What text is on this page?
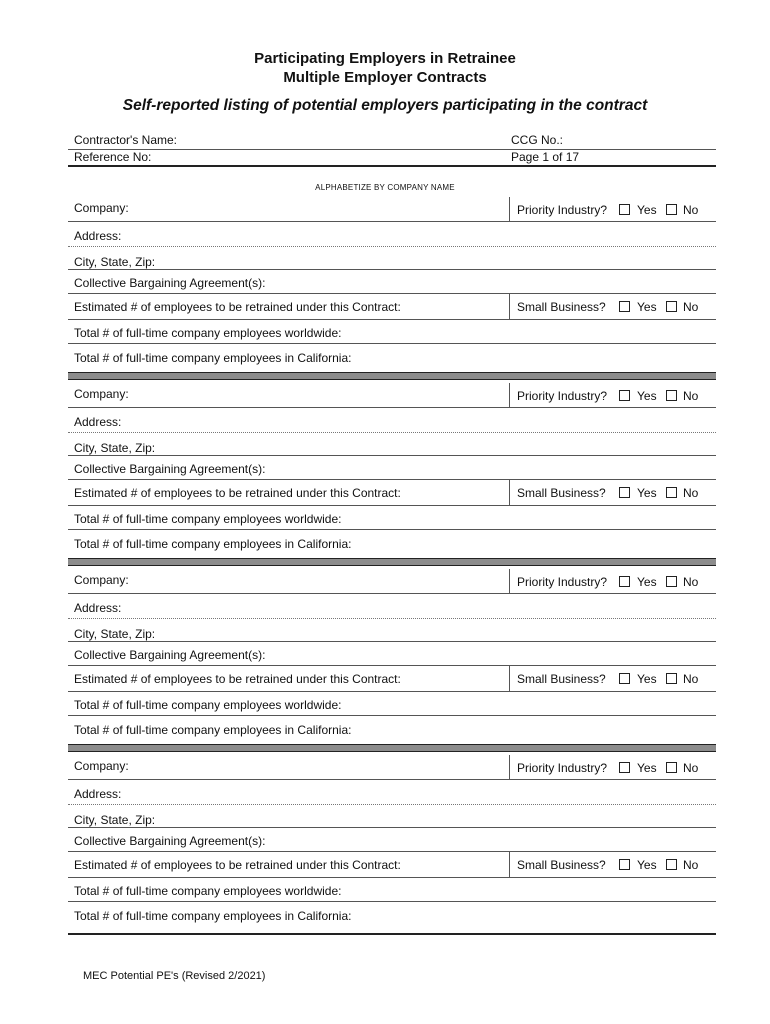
Participating Employers in Retrainee
Multiple Employer Contracts
Self-reported listing of potential employers participating in the contract
Contractor's Name:	CCG No.:
Reference No:	Page 1 of 17
ALPHABETIZE BY COMPANY NAME
Company:	Priority Industry? Yes No
Address:
City, State, Zip:
Collective Bargaining Agreement(s):
Estimated # of employees to be retrained under this Contract:	Small Business?	Yes No
Total # of full-time company employees worldwide:
Total # of full-time company employees in California:
Company:	Priority Industry? Yes No
Address:
City, State, Zip:
Collective Bargaining Agreement(s):
Estimated # of employees to be retrained under this Contract:	Small Business?	Yes No
Total # of full-time company employees worldwide:
Total # of full-time company employees in California:
Company:	Priority Industry? Yes No
Address:
City, State, Zip:
Collective Bargaining Agreement(s):
Estimated # of employees to be retrained under this Contract:	Small Business?	Yes No
Total # of full-time company employees worldwide:
Total # of full-time company employees in California:
Company:	Priority Industry? Yes No
Address:
City, State, Zip:
Collective Bargaining Agreement(s):
Estimated # of employees to be retrained under this Contract:	Small Business?	Yes No
Total # of full-time company employees worldwide:
Total # of full-time company employees in California:
MEC Potential PE's (Revised 2/2021)
